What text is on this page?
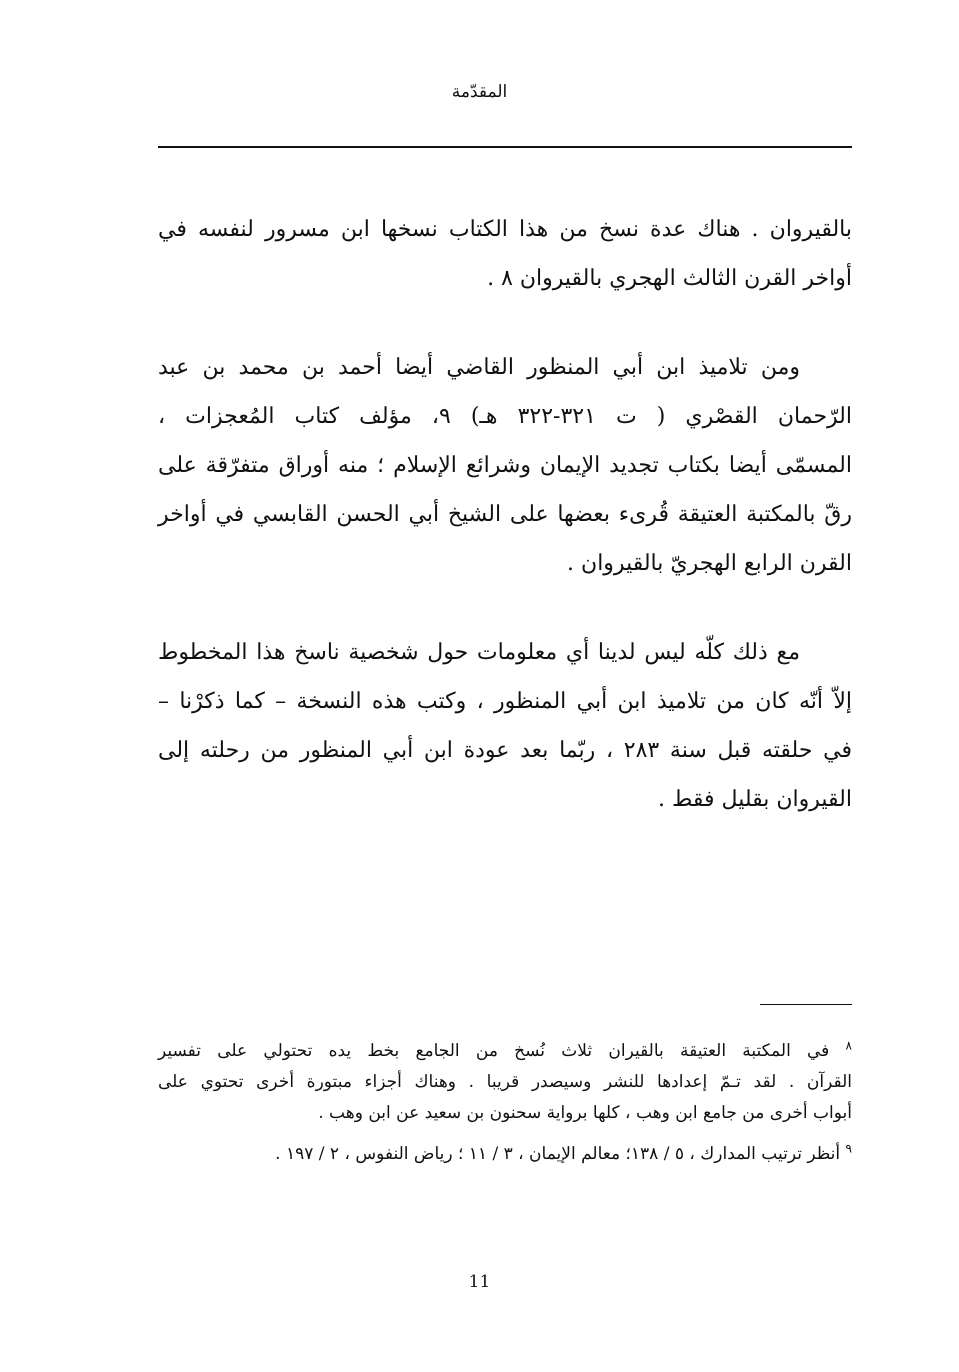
المقدّمة

بالقيروان . هناك عدة نسخ من هذا الكتاب نسخها ابن مسرور لنفسه في
أواخر القرن الثالث الهجري بالقيروان ٨ .

ومن تلاميذ ابن أبي المنظور القاضي أيضا أحمد بن محمد بن عبد
الرّحمان القصْري ( ت ٣٢١-٣٢٢ هـ) ٩، مؤلف كتاب المُعجزات ،
المسمّى أيضا بكتاب تجديد الإيمان وشرائع الإسلام ؛ منه أوراق متفرّقة على
رقّ بالمكتبة العتيقة قُرىء بعضها على الشيخ أبي الحسن القابسي في أواخر
القرن الرابع الهجريّ بالقيروان .

مع ذلك كلّه ليس لدينا أي معلومات حول شخصية ناسخ هذا المخطوط
إلاّ أنّه كان من تلاميذ ابن أبي المنظور ، وكتب هذه النسخة – كما ذكرْنا –
في حلقته قبل سنة ٢٨٣ ، ربّما بعد عودة ابن أبي المنظور من رحلته إلى
القيروان بقليل فقط .

$^٨$ في المكتبة العتيقة بالقيران ثلاث نُسخ من الجامع بخط يده تحتولي على تفسير
القرآن . لقد تـمّ إعدادها للنشر وسيصدر قريبا . وهناك أجزاء مبتورة أخرى تحتوي على
أبواب أخرى من جامع ابن وهب ، كلها برواية سحنون بن سعيد عن ابن وهب .
$^٩$ أنظر ترتيب المدارك ، ٥ / ١٣٨؛ معالم الإيمان ، ٣ / ١١ ؛ رياض النفوس ، ٢ / ١٩٧ .
11
